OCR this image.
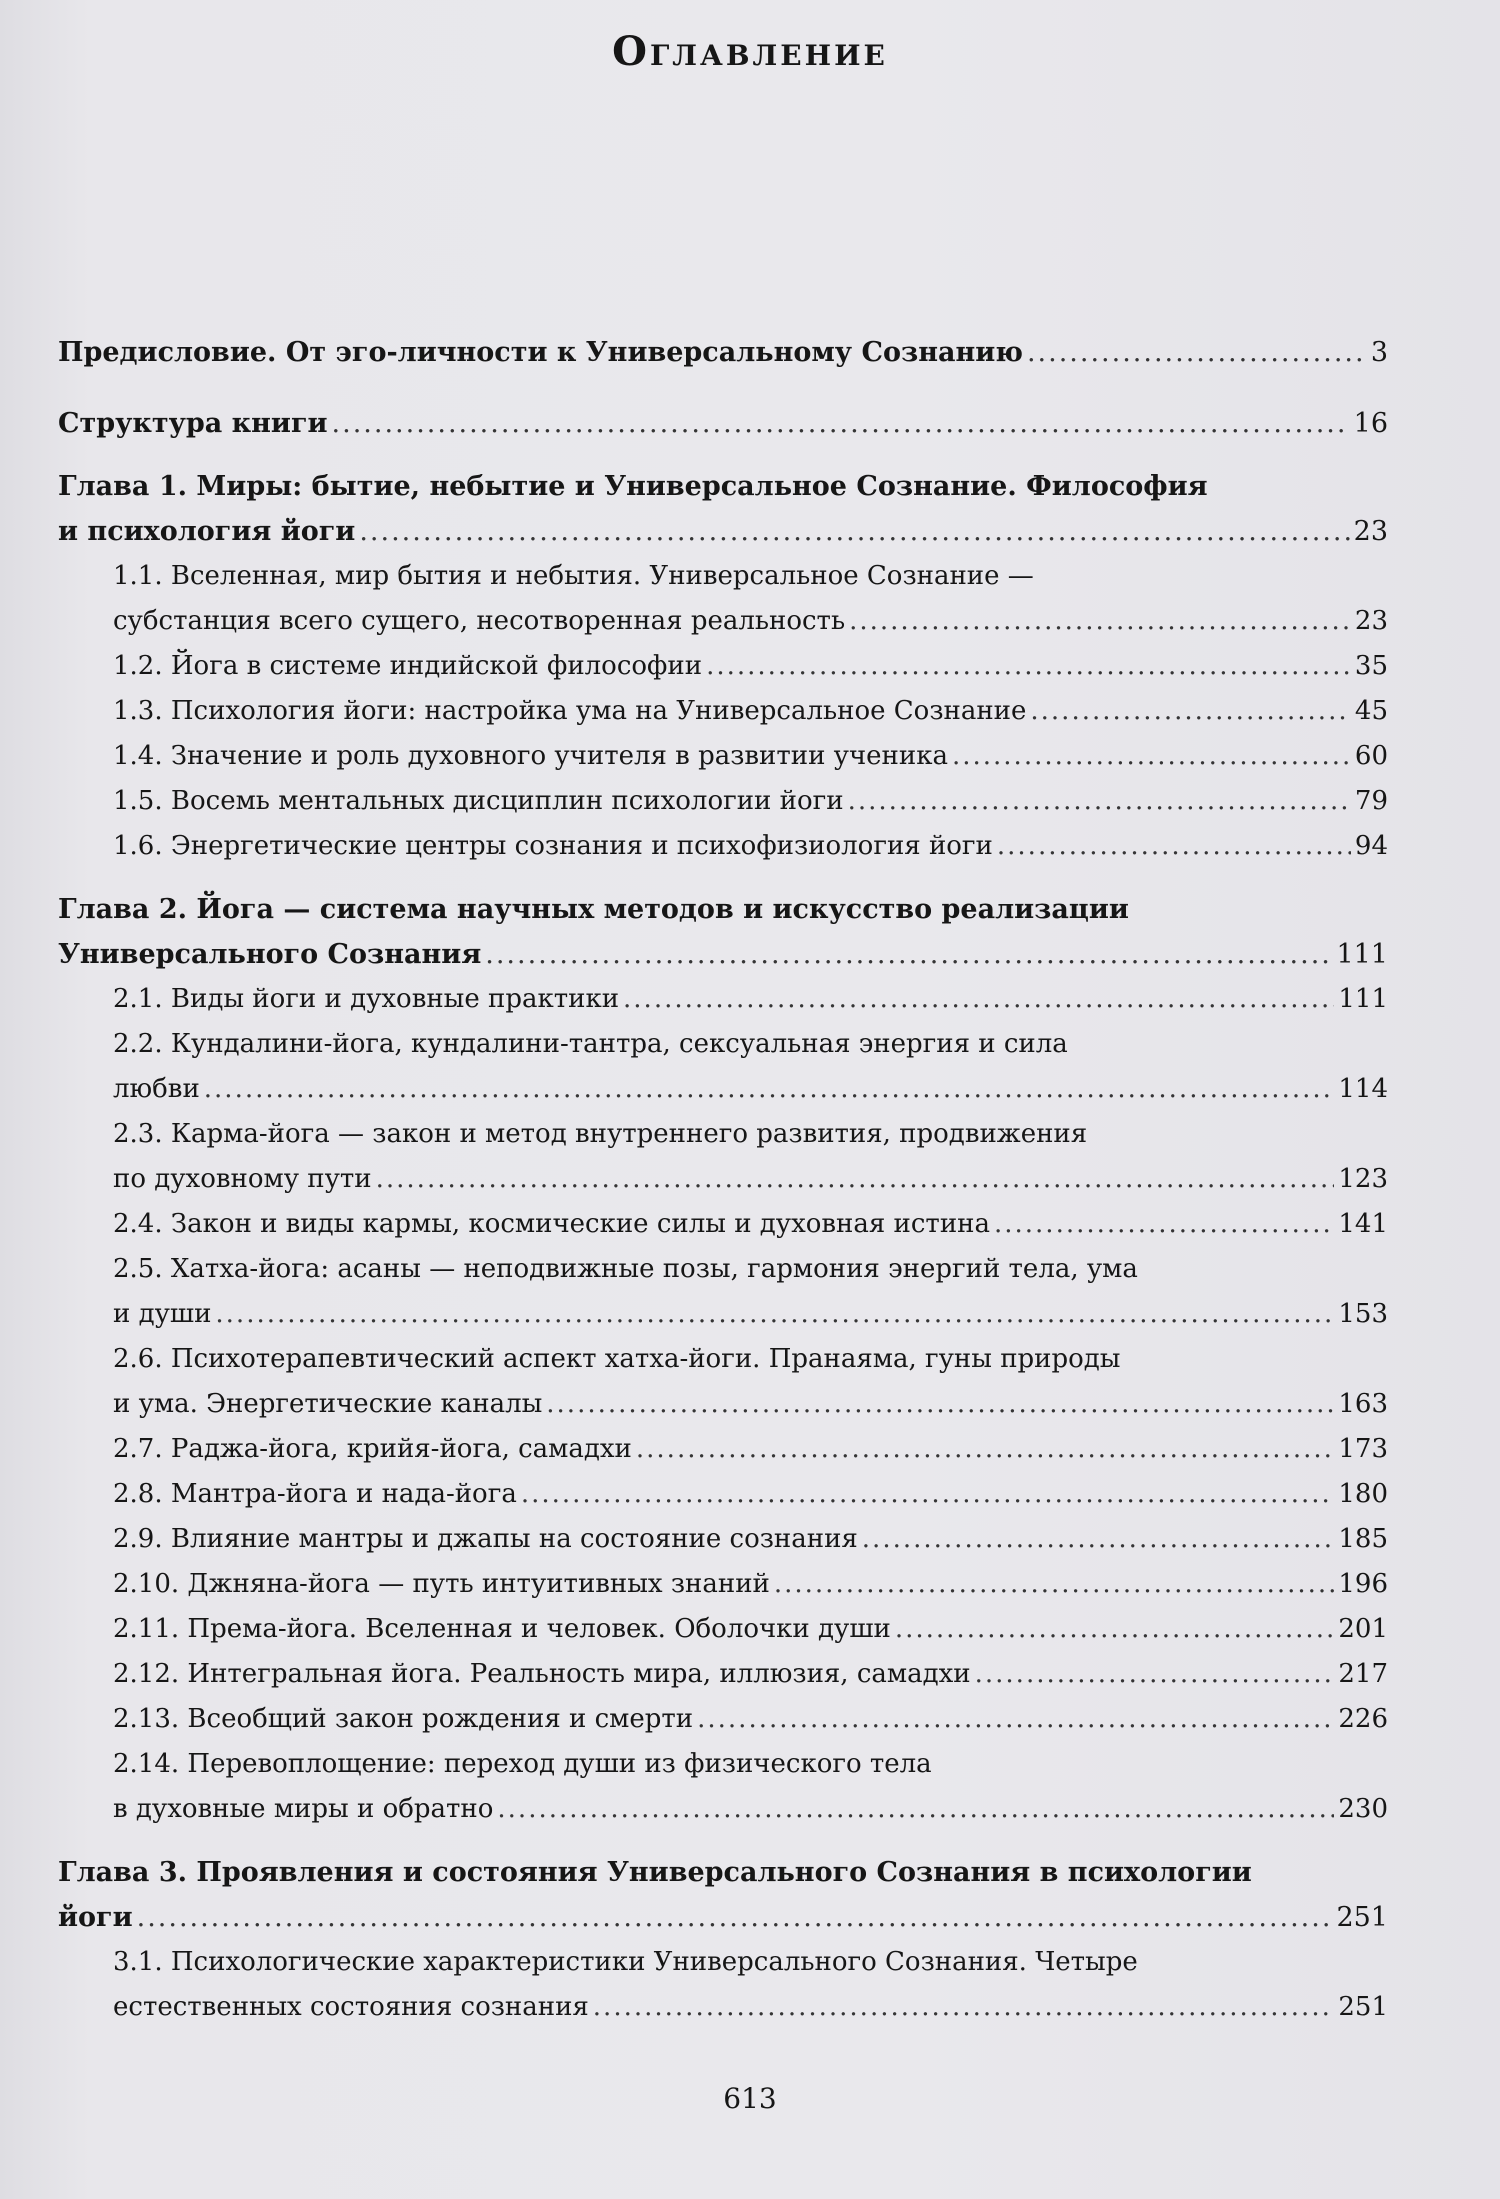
Оглавление
Предисловие. От эго-личности к Универсальному Сознанию .....	3
Структура книги .....	16
Глава 1. Миры: бытие, небытие и Универсальное Сознание. Философия
и психология йоги .....	23
1.1. Вселенная, мир бытия и небытия. Универсальное Сознание —
субстанция всего сущего, несотворенная реальность .....	23
1.2. Йога в системе индийской философии .....	35
1.3. Психология йоги: настройка ума на Универсальное Сознание .....	45
1.4. Значение и роль духовного учителя в развитии ученика .....	60
1.5. Восемь ментальных дисциплин психологии йоги .....	79
1.6. Энергетические центры сознания и психофизиология йоги .....	94
Глава 2. Йога — система научных методов и искусство реализации
Универсального Сознания .....	111
2.1. Виды йоги и духовные практики .....	111
2.2. Кундалини-йога, кундалини-тантра, сексуальная энергия и сила
любви .....	114
2.3. Карма-йога — закон и метод внутреннего развития, продвижения
по духовному пути .....	123
2.4. Закон и виды кармы, космические силы и духовная истина .....	141
2.5. Хатха-йога: асаны — неподвижные позы, гармония энергий тела, ума
и души .....	153
2.6. Психотерапевтический аспект хатха-йоги. Пранаяма, гуны природы
и ума. Энергетические каналы .....	163
2.7. Раджа-йога, крийя-йога, самадхи .....	173
2.8. Мантра-йога и нада-йога .....	180
2.9. Влияние мантры и джапы на состояние сознания .....	185
2.10. Джняна-йога — путь интуитивных знаний .....	196
2.11. Према-йога. Вселенная и человек. Оболочки души .....	201
2.12. Интегральная йога. Реальность мира, иллюзия, самадхи .....	217
2.13. Всеобщий закон рождения и смерти .....	226
2.14. Перевоплощение: переход души из физического тела
в духовные миры и обратно .....	230
Глава 3. Проявления и состояния Универсального Сознания в психологии
йоги .....	251
3.1. Психологические характеристики Универсального Сознания. Четыре
естественных состояния сознания .....	251
613
